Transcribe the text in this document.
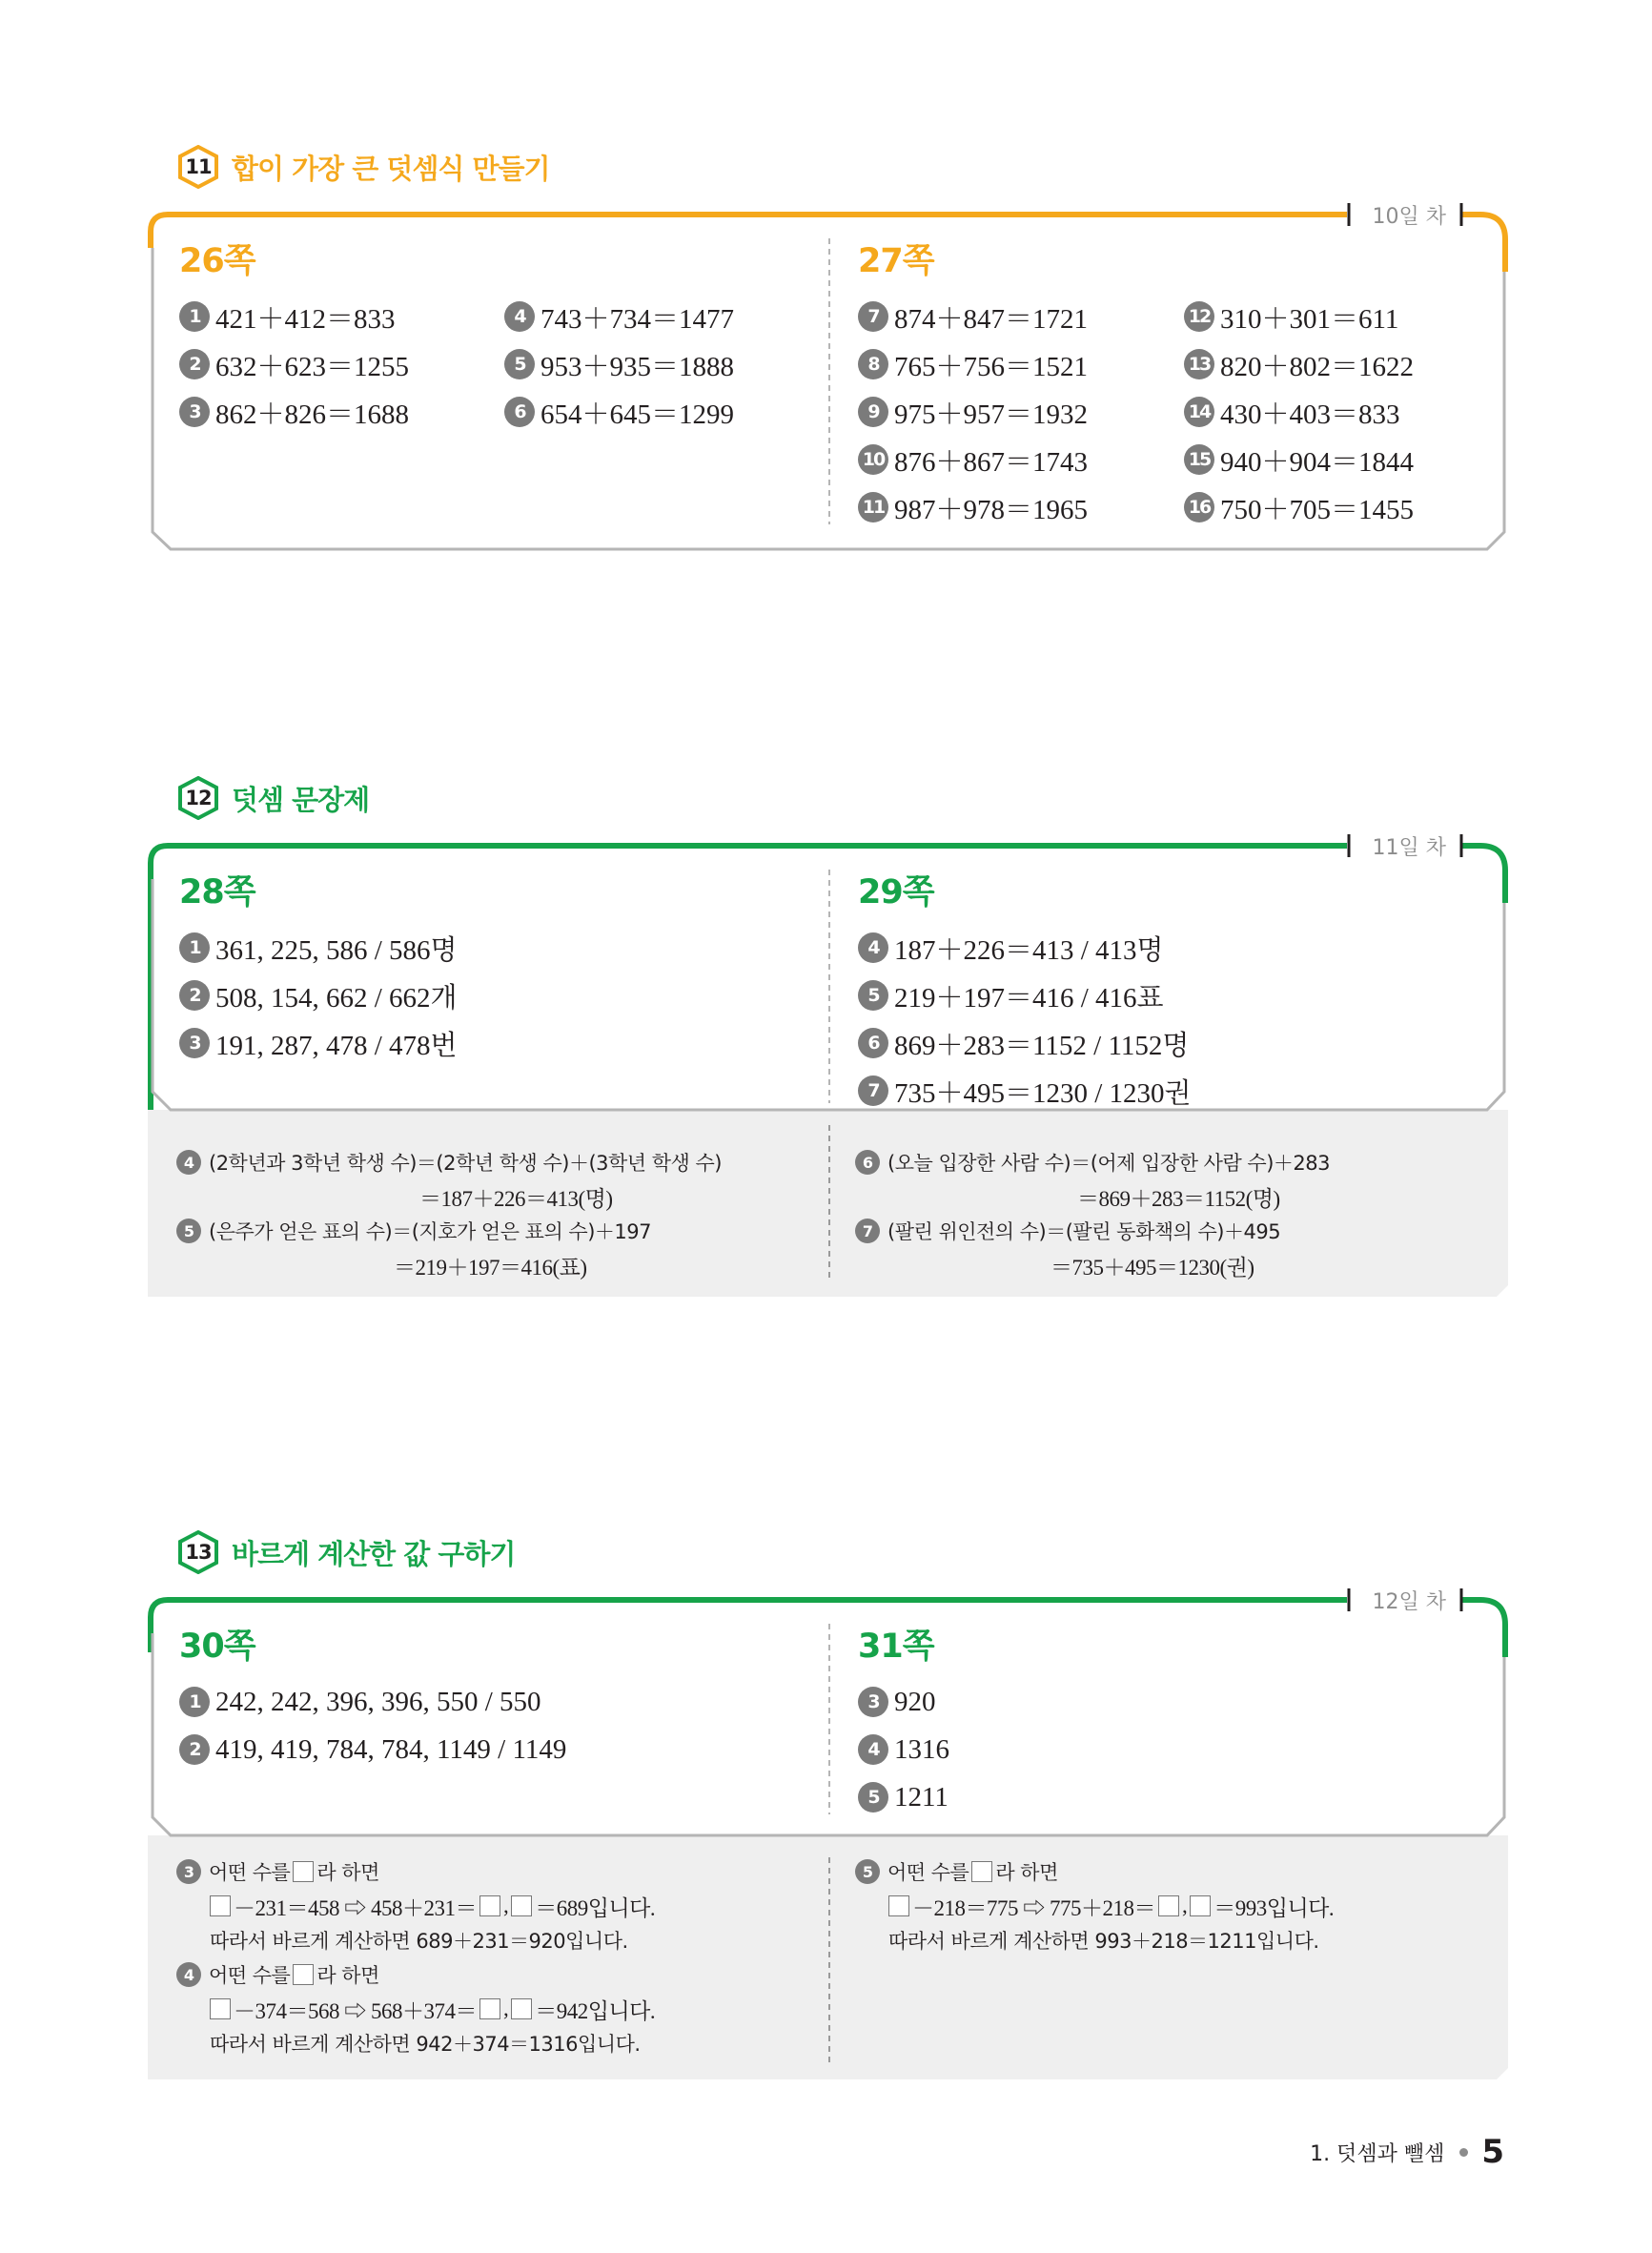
11 합이 가장 큰 덧셈식 만들기
10일 차
26쪽	27쪽
1 421＋412＝833
2 632＋623＝1255
3 862＋826＝1688
4 743＋734＝1477
5 953＋935＝1888
6 654＋645＝1299
7 874＋847＝1721
8 765＋756＝1521
9 975＋957＝1932
10 876＋867＝1743
11 987＋978＝1965
12 310＋301＝611
13 820＋802＝1622
14 430＋403＝833
15 940＋904＝1844
16 750＋705＝1455
12 덧셈 문장제
11일 차
28쪽	29쪽
1 361, 225, 586 / 586명
2 508, 154, 662 / 662개
3 191, 287, 478 / 478번
4 187＋226＝413 / 413명
5 219＋197＝416 / 416표
6 869＋283＝1152 / 1152명
7 735＋495＝1230 / 1230권
4 (2학년과 3학년 학생 수)＝(2학년 학생 수)＋(3학년 학생 수)
＝187＋226＝413(명)
5 (은주가 얻은 표의 수)＝(지호가 얻은 표의 수)＋197
＝219＋197＝416(표)
6 (오늘 입장한 사람 수)＝(어제 입장한 사람 수)＋283
＝869＋283＝1152(명)
7 (팔린 위인전의 수)＝(팔린 동화책의 수)＋495
＝735＋495＝1230(권)
13 바르게 계산한 값 구하기
12일 차
30쪽	31쪽
1 242, 242, 396, 396, 550 / 550
2 419, 419, 784, 784, 1149 / 1149
3 920
4 1316
5 1211
3 어떤 수를 라 하면
－231＝458 ⇨ 458＋231＝ , ＝689입니다.
따라서 바르게 계산하면 689＋231＝920입니다.
4 어떤 수를 라 하면
－374＝568 ⇨ 568＋374＝ , ＝942입니다.
따라서 바르게 계산하면 942＋374＝1316입니다.
5 어떤 수를 라 하면
－218＝775 ⇨ 775＋218＝ , ＝993입니다.
따라서 바르게 계산하면 993＋218＝1211입니다.
1. 덧셈과 뺄셈 5
